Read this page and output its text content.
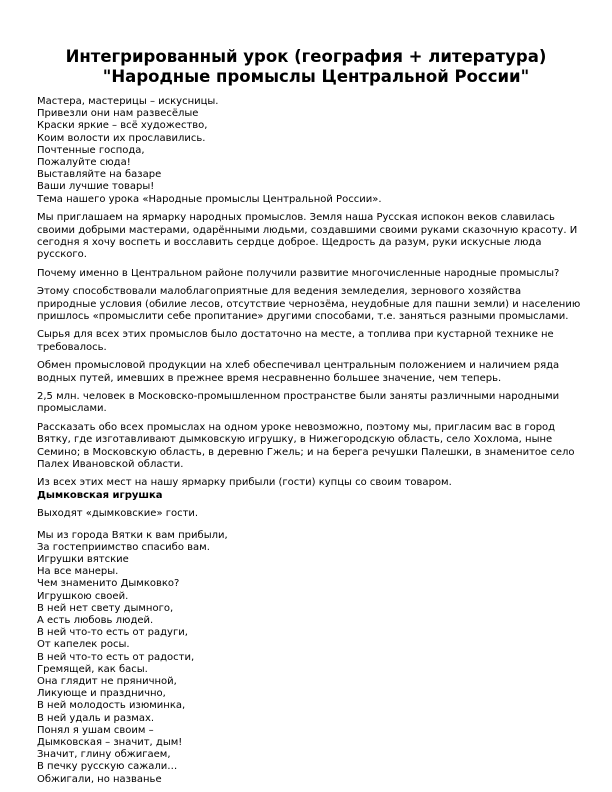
Интегрированный урок (география + литература)
"Народные промыслы Центральной России"
Мастера, мастерицы – искусницы.
Привезли они нам развесёлые
Краски яркие – всё художество,
Коим волости их прославились.
Почтенные господа,
Пожалуйте сюда!
Выставляйте на базаре
Ваши лучшие товары!
Тема нашего урока «Народные промыслы Центральной России».

Мы приглашаем на ярмарку народных промыслов. Земля наша Русская испокон веков славилась своими добрыми мастерами, одарёнными людьми, создавшими своими руками сказочную красоту. И сегодня я хочу воспеть и восславить сердце доброе. Щедрость да разум, руки искусные люда русского.

Почему именно в Центральном районе получили развитие многочисленные народные промыслы?

Этому способствовали малоблагоприятные для ведения земледелия, зернового хозяйства природные условия (обилие лесов, отсутствие чернозёма, неудобные для пашни земли) и населению пришлось «промыслити себе пропитание» другими способами, т.е. заняться разными промыслами.

Сырья для всех этих промыслов было достаточно на месте, а топлива при кустарной технике не требовалось.

Обмен промысловой продукции на хлеб обеспечивал центральным положением и наличием ряда водных путей, имевших в прежнее время несравненно большее значение, чем теперь.

2,5 млн. человек в Московско-промышленном пространстве были заняты различными народными промыслами.

Рассказать обо всех промыслах на одном уроке невозможно, поэтому мы, пригласим вас в город Вятку, где изготавливают дымковскую игрушку, в Нижегородскую область, село Хохлома, ныне Семино; в Московскую область, в деревню Гжель; и на берега речушки Палешки, в знаменитое село Палех Ивановской области.

Из всех этих мест на нашу ярмарку прибыли (гости) купцы со своим товаром.

Дымковская игрушка

Выходят «дымковские» гости.

Мы из города Вятки к вам прибыли,
За гостеприимство спасибо вам.
Игрушки вятские
На все манеры.
Чем знаменито Дымковко?
Игрушкою своей.
В ней нет свету дымного,
А есть любовь людей.
В ней что-то есть от радуги,
От капелек росы.
В ней что-то есть от радости,
Гремящей, как басы.
Она глядит не пряничной,
Ликующе и празднично,
В ней молодость изюминка,
В ней удаль и размах.
Понял я ушам своим –
Дымковская – значит, дым!
Значит, глину обжигаем,
В печку русскую сажали…
Обжигали, но названье
